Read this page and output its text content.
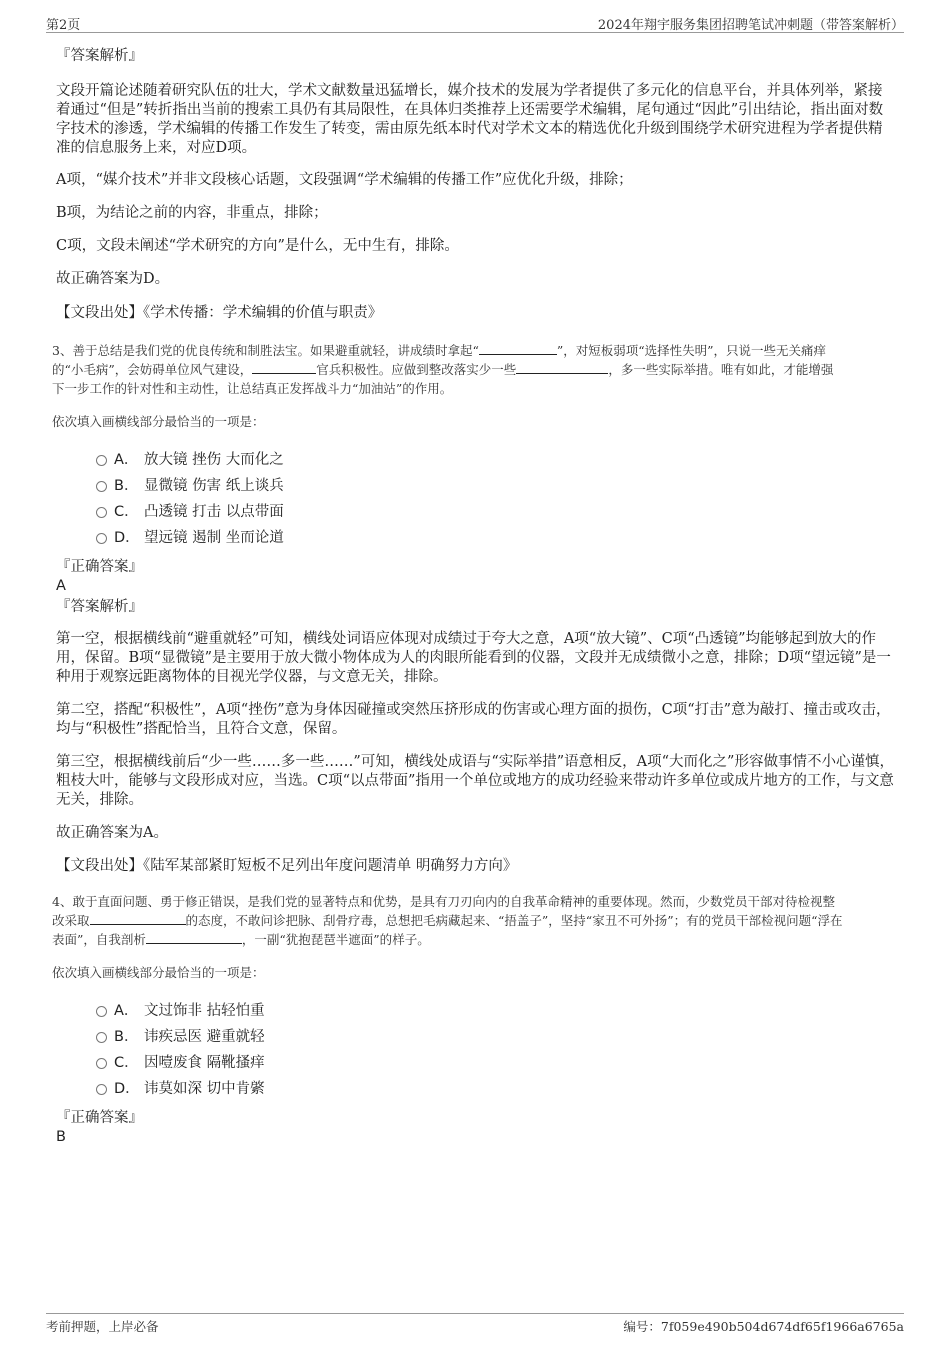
第2页	2024年翔宇服务集团招聘笔试冲刺题（带答案解析）

『答案解析』

文段开篇论述随着研究队伍的壮大，学术文献数量迅猛增长，媒介技术的发展为学者提供了多元化的信息平台，并具体列举，紧接着通过“但是”转折指出当前的搜索工具仍有其局限性，在具体归类推荐上还需要学术编辑，尾句通过“因此”引出结论，指出面对数字技术的渗透，学术编辑的传播工作发生了转变，需由原先纸本时代对学术文本的精选优化升级到围绕学术研究进程为学者提供精准的信息服务上来，对应D项。

A项，“媒介技术”并非文段核心话题，文段强调“学术编辑的传播工作”应优化升级，排除；

B项，为结论之前的内容，非重点，排除；

C项，文段未阐述“学术研究的方向”是什么，无中生有，排除。

故正确答案为D。

【文段出处】《学术传播：学术编辑的价值与职责》

3、善于总结是我们党的优良传统和制胜法宝。如果避重就轻，讲成绩时拿起“	”，对短板弱项“选择性失明”，只说一些无关痛痒
的“小毛病”，会妨碍单位风气建设，	官兵积极性。应做到整改落实少一些	，多一些实际举措。唯有如此，才能增强
下一步工作的针对性和主动性，让总结真正发挥战斗力“加油站”的作用。

依次填入画横线部分最恰当的一项是：

A． 放大镜 挫伤 大而化之
B． 显微镜 伤害 纸上谈兵
C． 凸透镜 打击 以点带面
D． 望远镜 遏制 坐而论道

『正确答案』

A

『答案解析』

第一空，根据横线前“避重就轻”可知，横线处词语应体现对成绩过于夸大之意，A项“放大镜”、C项“凸透镜”均能够起到放大的作用，保留。B项“显微镜”是主要用于放大微小物体成为人的肉眼所能看到的仪器，文段并无成绩微小之意，排除；D项“望远镜”是一种用于观察远距离物体的目视光学仪器，与文意无关，排除。

第二空，搭配“积极性”，A项“挫伤”意为身体因碰撞或突然压挤形成的伤害或心理方面的损伤，C项“打击”意为敲打、撞击或攻击，均与“积极性”搭配恰当，且符合文意，保留。

第三空，根据横线前后“少一些……多一些……”可知，横线处成语与“实际举措”语意相反，A项“大而化之”形容做事情不小心谨慎，粗枝大叶，能够与文段形成对应，当选。C项“以点带面”指用一个单位或地方的成功经验来带动许多单位或成片地方的工作，与文意无关，排除。

故正确答案为A。

【文段出处】《陆军某部紧盯短板不足列出年度问题清单 明确努力方向》

4、敢于直面问题、勇于修正错误，是我们党的显著特点和优势，是具有刀刃向内的自我革命精神的重要体现。然而，少数党员干部对待检视整
改采取	的态度，不敢问诊把脉、刮骨疗毒，总想把毛病藏起来、“捂盖子”，坚持“家丑不可外扬”；有的党员干部检视问题“浮在
表面”，自我剖析	，一副“犹抱琵琶半遮面”的样子。

依次填入画横线部分最恰当的一项是：

A． 文过饰非 拈轻怕重
B． 讳疾忌医 避重就轻
C． 因噎废食 隔靴搔痒
D． 讳莫如深 切中肯綮

『正确答案』

B

考前押题，上岸必备	编号：7f059e490b504d674df65f1966a6765a
